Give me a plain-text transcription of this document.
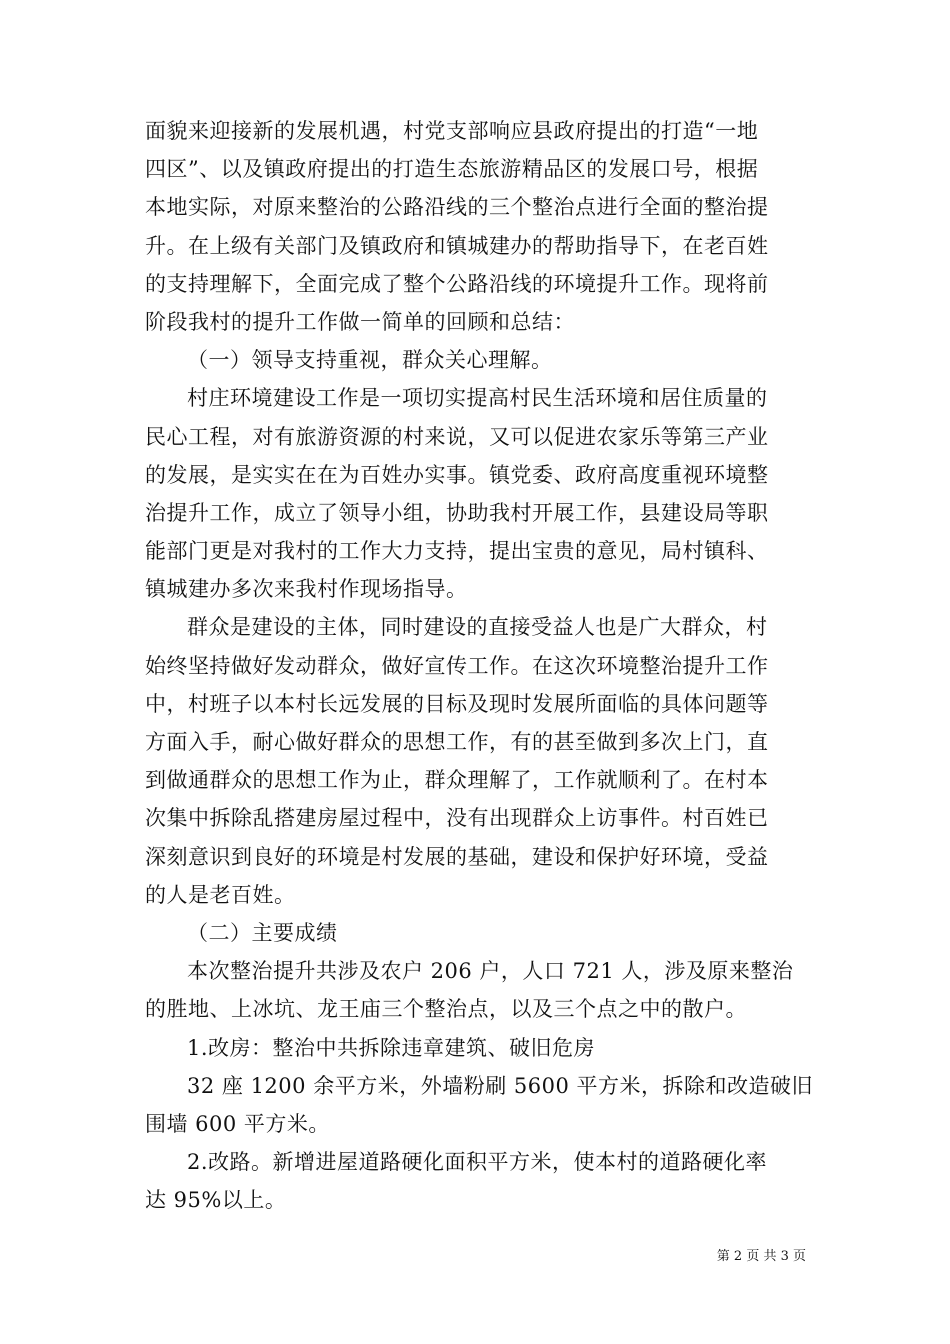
面貌来迎接新的发展机遇，村党支部响应县政府提出的打造“一地
四区”、以及镇政府提出的打造生态旅游精品区的发展口号，根据
本地实际，对原来整治的公路沿线的三个整治点进行全面的整治提
升。在上级有关部门及镇政府和镇城建办的帮助指导下，在老百姓
的支持理解下，全面完成了整个公路沿线的环境提升工作。现将前
阶段我村的提升工作做一简单的回顾和总结：
（一）领导支持重视，群众关心理解。
村庄环境建设工作是一项切实提高村民生活环境和居住质量的
民心工程，对有旅游资源的村来说，又可以促进农家乐等第三产业
的发展，是实实在在为百姓办实事。镇党委、政府高度重视环境整
治提升工作，成立了领导小组，协助我村开展工作，县建设局等职
能部门更是对我村的工作大力支持，提出宝贵的意见，局村镇科、
镇城建办多次来我村作现场指导。
群众是建设的主体，同时建设的直接受益人也是广大群众，村
始终坚持做好发动群众，做好宣传工作。在这次环境整治提升工作
中，村班子以本村长远发展的目标及现时发展所面临的具体问题等
方面入手，耐心做好群众的思想工作，有的甚至做到多次上门，直
到做通群众的思想工作为止，群众理解了，工作就顺利了。在村本
次集中拆除乱搭建房屋过程中，没有出现群众上访事件。村百姓已
深刻意识到良好的环境是村发展的基础，建设和保护好环境，受益
的人是老百姓。
（二）主要成绩
本次整治提升共涉及农户 206 户，人口 721 人，涉及原来整治
的胜地、上冰坑、龙王庙三个整治点，以及三个点之中的散户。
1.改房：整治中共拆除违章建筑、破旧危房
32 座 1200 余平方米，外墙粉刷 5600 平方米，拆除和改造破旧
围墙 600 平方米。
2.改路。新增进屋道路硬化面积平方米，使本村的道路硬化率
达 95%以上。
第 2 页 共 3 页
